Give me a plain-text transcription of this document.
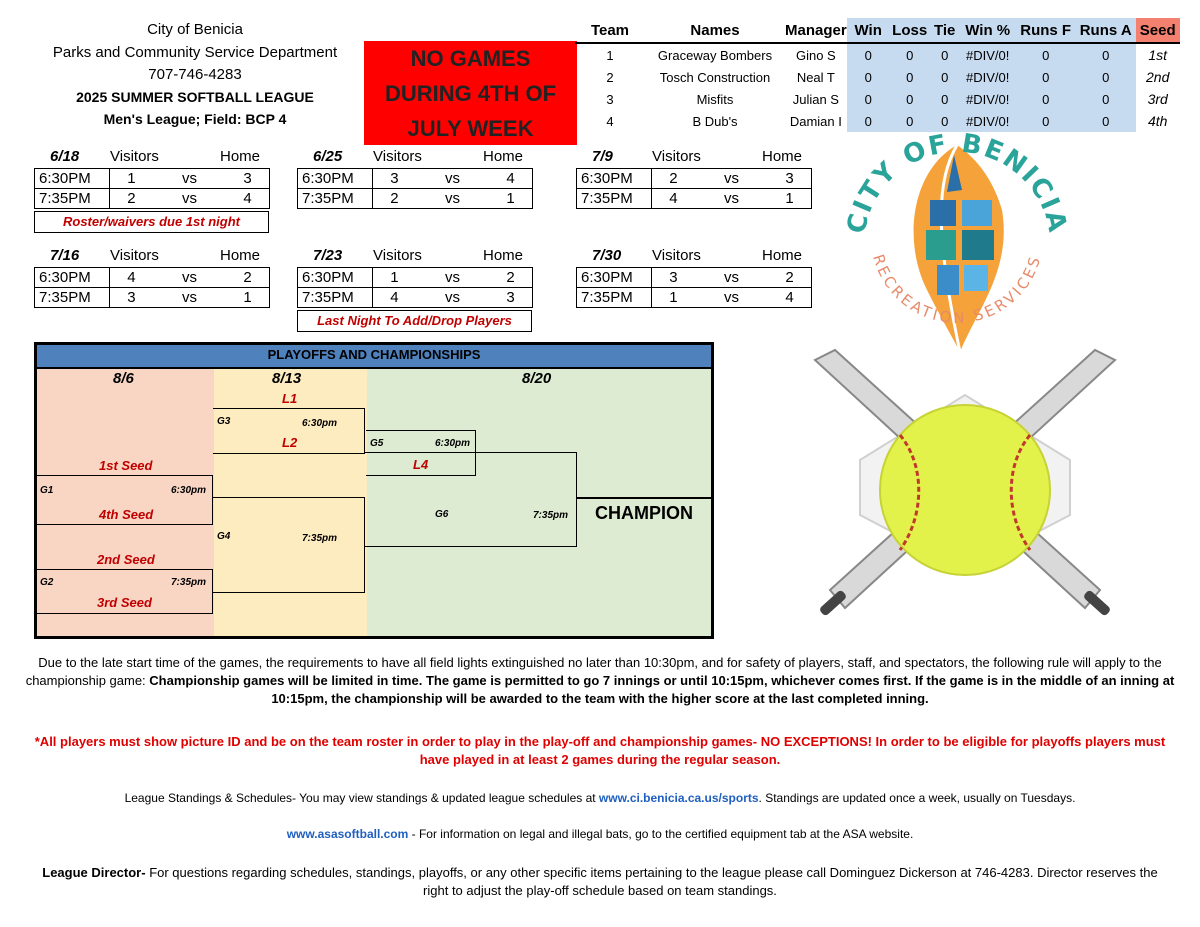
City of Benicia
Parks and Community Service Department
707-746-4283
2025 SUMMER SOFTBALL LEAGUE
Men's League; Field: BCP 4
NO GAMES
DURING 4TH OF
JULY WEEK
Team	Names	Manager	Win	Loss	Tie	Win %	Runs F	Runs A	Seed
1	Graceway Bombers	Gino S	0	0	0	#DIV/0!	0	0	1st
2	Tosch Construction	Neal T	0	0	0	#DIV/0!	0	0	2nd
3	Misfits	Julian S	0	0	0	#DIV/0!	0	0	3rd
4	B Dub's	Damian I	0	0	0	#DIV/0!	0	0	4th
6/18 Visitors	Home
6:30PM	1	vs	3
7:35PM	2	vs	4
6/25 Visitors	Home
6:30PM	3	vs	4
7:35PM	2	vs	1
7/9	Visitors	Home
6:30PM	2	vs	3
7:35PM	4	vs	1
7/16 Visitors	Home
6:30PM	4	vs	2
7:35PM	3	vs	1
7/23 Visitors	Home
6:30PM	1	vs	2
7:35PM	4	vs	3
7/30 Visitors	Home
6:30PM	3	vs	2
7:35PM	1	vs	4
Roster/waivers due 1st night
Last Night To Add/Drop Players
CITY OF BENICIA
RECREATION SERVICES
PLAYOFFS AND CHAMPIONSHIPS
8/6	8/13	8/20
1st Seed
G1	6:30pm
4th Seed
2nd Seed
G2	7:35pm
3rd Seed
L1
G3	6:30pm
L2
G4	7:35pm
G5	6:30pm
L4
G6	7:35pm CHAMPION
Due to the late start time of the games, the requirements to have all field lights extinguished no later than 10:30pm, and for safety of players, staff, and spectators, the following rule will apply to the championship game: Championship games will be limited in time. The game is permitted to go 7 innings or until 10:15pm, whichever comes first. If the game is in the middle of an inning at 10:15pm, the championship will be awarded to the team with the higher score at the last completed inning.
*All players must show picture ID and be on the team roster in order to play in the play-off and championship games- NO EXCEPTIONS! In order to be eligible for playoffs players must have played in at least 2 games during the regular season.
League Standings & Schedules- You may view standings & updated league schedules at www.ci.benicia.ca.us/sports. Standings are updated once a week, usually on Tuesdays.
www.asasoftball.com - For information on legal and illegal bats, go to the certified equipment tab at the ASA website.
League Director- For questions regarding schedules, standings, playoffs, or any other specific items pertaining to the league please call Dominguez Dickerson at 746-4283. Director reserves the right to adjust the play-off schedule based on team standings.
